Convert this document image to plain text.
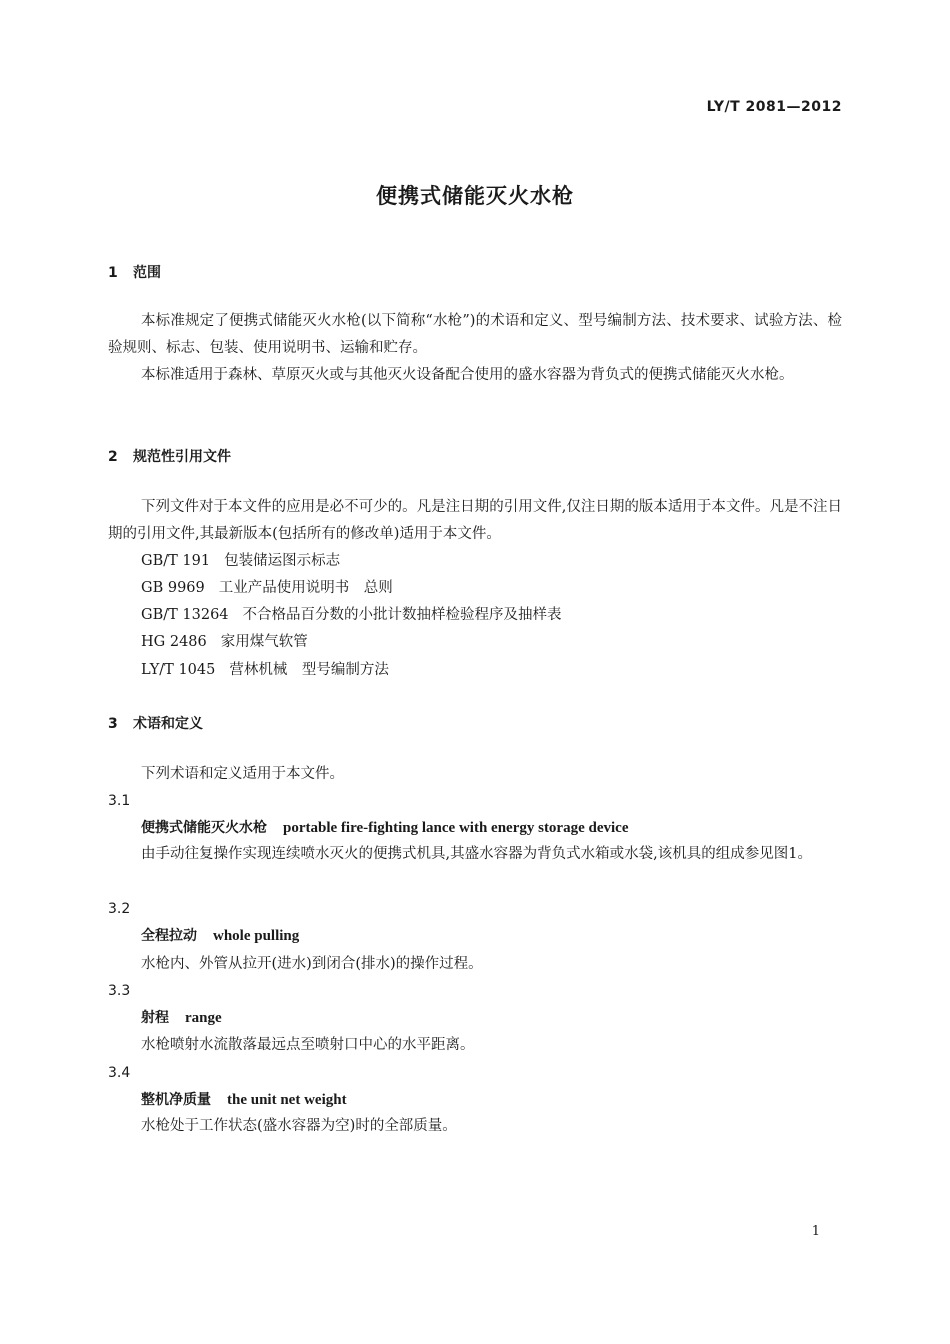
LY/T 2081—2012
便携式储能灭火水枪
1 范围

本标准规定了便携式储能灭火水枪(以下简称“水枪”)的术语和定义、型号编制方法、技术要求、试验方法、检验规则、标志、包装、使用说明书、运输和贮存。

本标准适用于森林、草原灭火或与其他灭火设备配合使用的盛水容器为背负式的便携式储能灭火水枪。

2 规范性引用文件

下列文件对于本文件的应用是必不可少的。凡是注日期的引用文件,仅注日期的版本适用于本文件。凡是不注日期的引用文件,其最新版本(包括所有的修改单)适用于本文件。

GB/T 191 包装储运图示标志
GB 9969 工业产品使用说明书　总则
GB/T 13264 不合格品百分数的小批计数抽样检验程序及抽样表
HG 2486 家用煤气软管
LY/T 1045 营林机械　型号编制方法
3 术语和定义
下列术语和定义适用于本文件。
3.1
便携式储能灭火水枪 portable fire-fighting lance with energy storage device

由手动往复操作实现连续喷水灭火的便携式机具,其盛水容器为背负式水箱或水袋,该机具的组成参见图1。

3.2
全程拉动 whole pulling
水枪内、外管从拉开(进水)到闭合(排水)的操作过程。
3.3
射程 range
水枪喷射水流散落最远点至喷射口中心的水平距离。
3.4
整机净质量 the unit net weight
水枪处于工作状态(盛水容器为空)时的全部质量。
1
